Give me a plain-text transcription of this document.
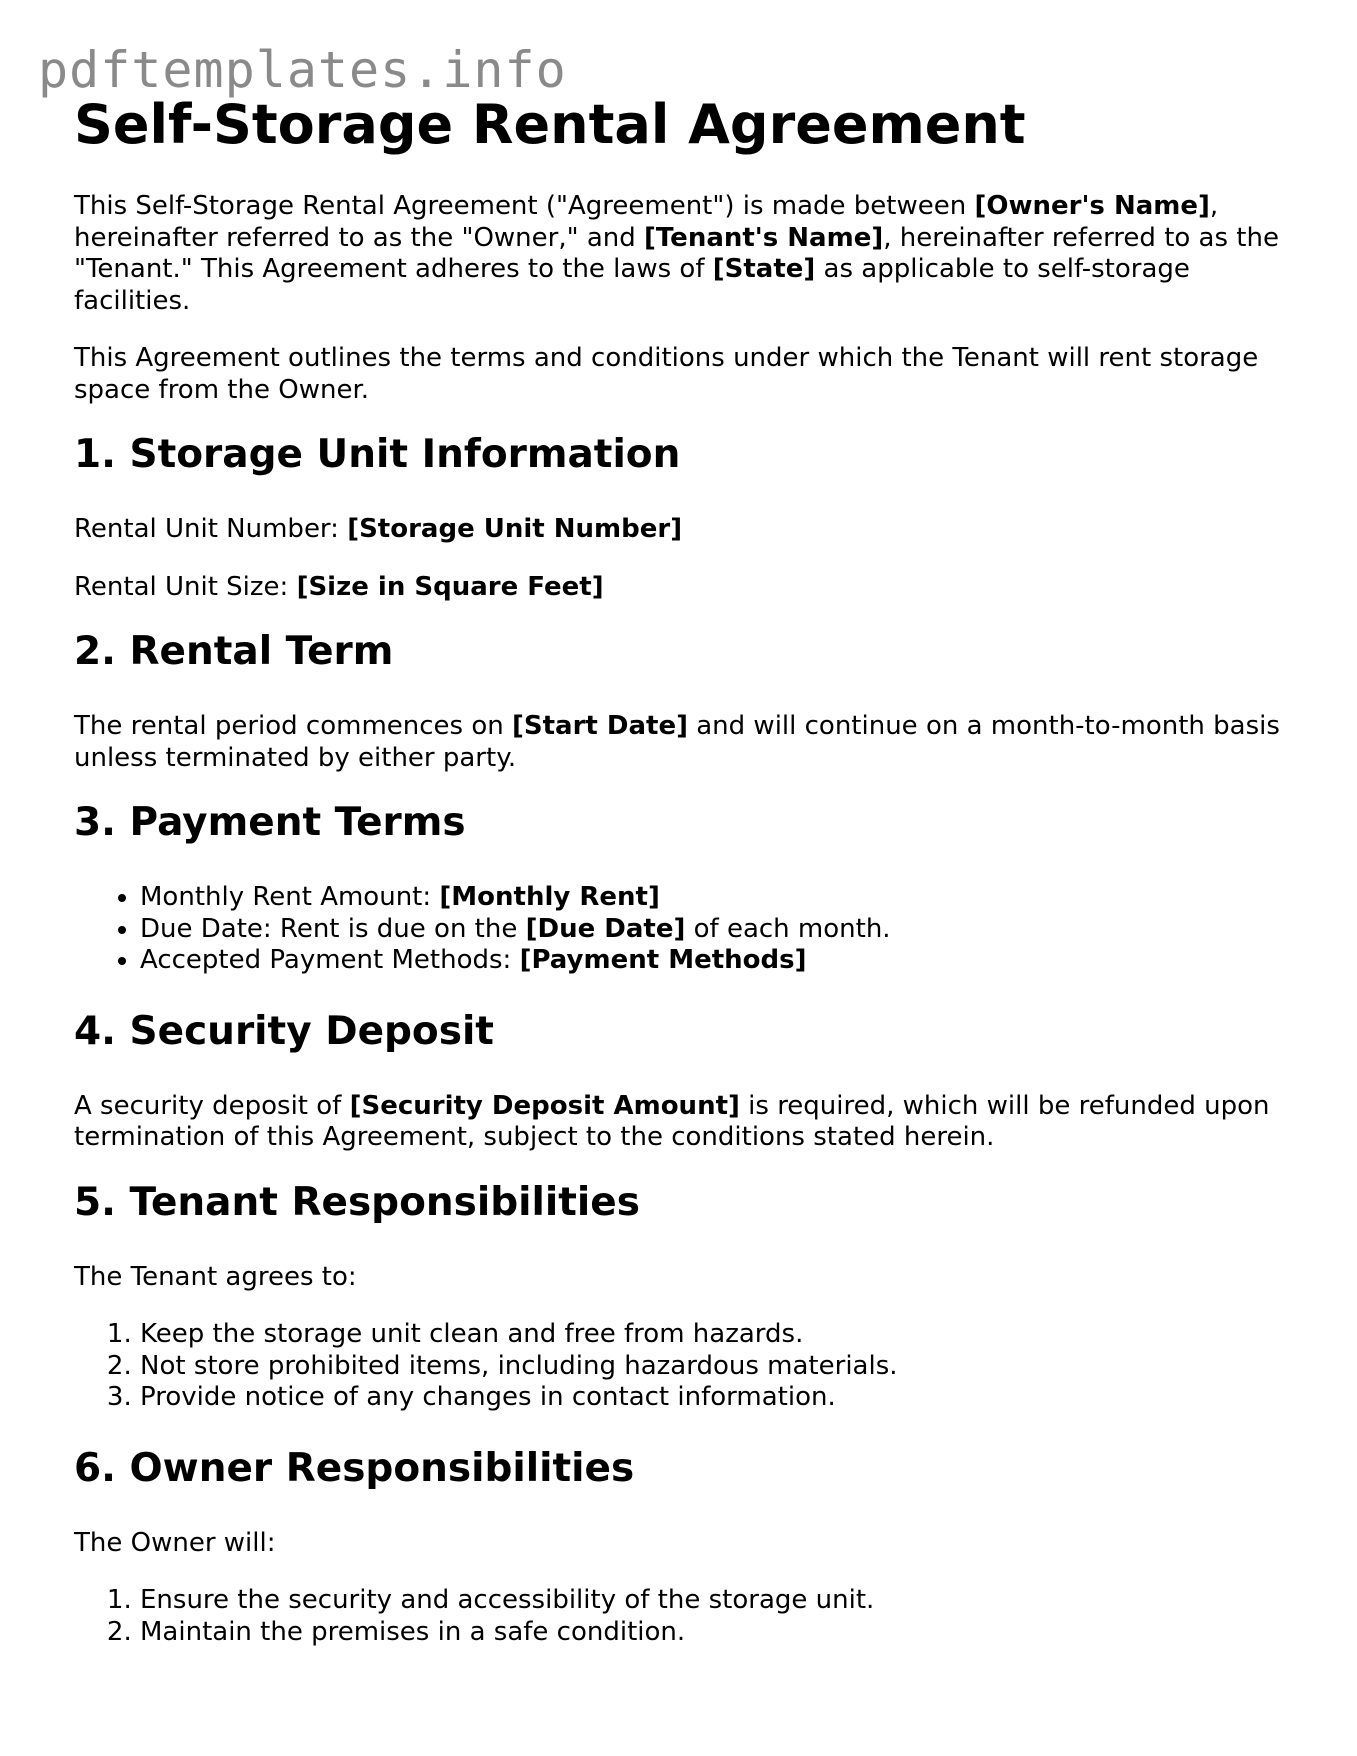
pdftemplates.info
Self-Storage Rental Agreement

This Self-Storage Rental Agreement ("Agreement") is made between [Owner's Name], hereinafter referred to as the "Owner," and [Tenant's Name], hereinafter referred to as the "Tenant." This Agreement adheres to the laws of [State] as applicable to self-storage facilities.

This Agreement outlines the terms and conditions under which the Tenant will rent storage space from the Owner.

1. Storage Unit Information

Rental Unit Number: [Storage Unit Number]

Rental Unit Size: [Size in Square Feet]

2. Rental Term

The rental period commences on [Start Date] and will continue on a month-to-month basis unless terminated by either party.

3. Payment Terms
• Monthly Rent Amount: [Monthly Rent]
• Due Date: Rent is due on the [Due Date] of each month.
• Accepted Payment Methods: [Payment Methods]
4. Security Deposit

A security deposit of [Security Deposit Amount] is required, which will be refunded upon termination of this Agreement, subject to the conditions stated herein.

5. Tenant Responsibilities

The Tenant agrees to:

1. Keep the storage unit clean and free from hazards.
2. Not store prohibited items, including hazardous materials.
3. Provide notice of any changes in contact information.
6. Owner Responsibilities

The Owner will:

1. Ensure the security and accessibility of the storage unit.
2. Maintain the premises in a safe condition.
